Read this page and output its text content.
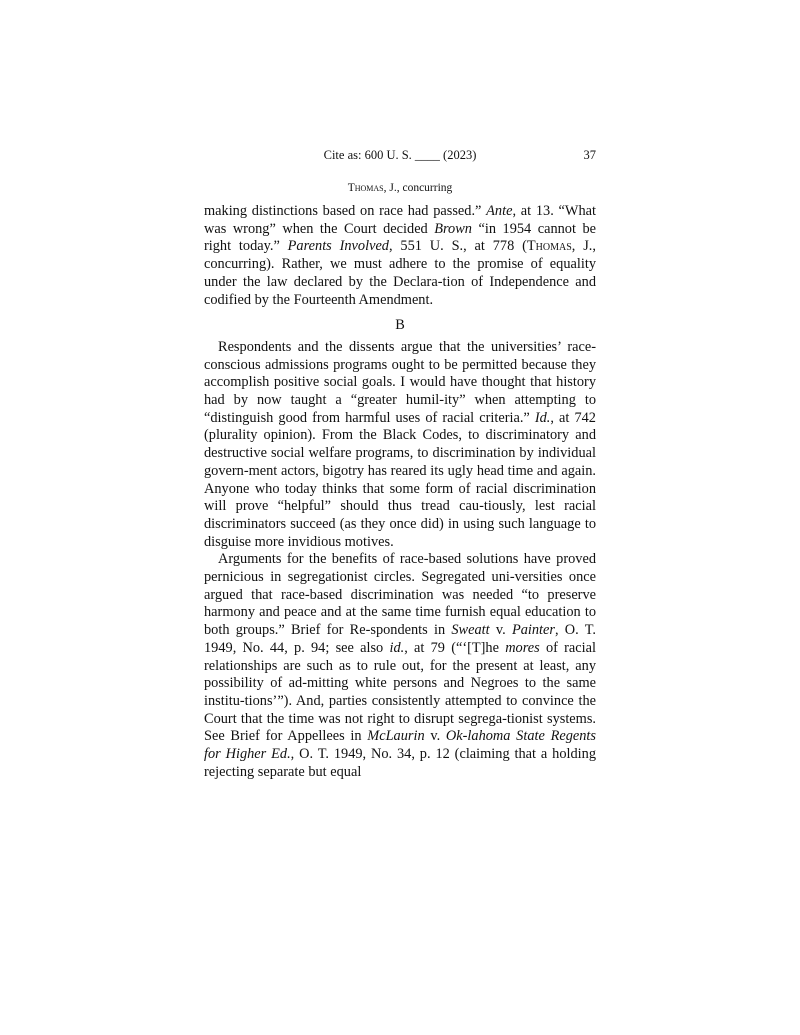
Cite as: 600 U. S. ____ (2023)	37
Thomas, J., concurring

making distinctions based on race had passed.” Ante, at 13. “What was wrong” when the Court decided Brown “in 1954 cannot be right today.” Parents Involved, 551 U. S., at 778 (Thomas, J., concurring). Rather, we must adhere to the promise of equality under the law declared by the Declara-tion of Independence and codified by the Fourteenth Amendment.

B

Respondents and the dissents argue that the universities’ race-conscious admissions programs ought to be permitted because they accomplish positive social goals. I would have thought that history had by now taught a “greater humil-ity” when attempting to “distinguish good from harmful uses of racial criteria.” Id., at 742 (plurality opinion). From the Black Codes, to discriminatory and destructive social welfare programs, to discrimination by individual govern-ment actors, bigotry has reared its ugly head time and again. Anyone who today thinks that some form of racial discrimination will prove “helpful” should thus tread cau-tiously, lest racial discriminators succeed (as they once did) in using such language to disguise more invidious motives.

Arguments for the benefits of race-based solutions have proved pernicious in segregationist circles. Segregated uni-versities once argued that race-based discrimination was needed “to preserve harmony and peace and at the same time furnish equal education to both groups.” Brief for Re-spondents in Sweatt v. Painter, O. T. 1949, No. 44, p. 94; see also id., at 79 (“‘[T]he mores of racial relationships are such as to rule out, for the present at least, any possibility of ad-mitting white persons and Negroes to the same institu-tions’”). And, parties consistently attempted to convince the Court that the time was not right to disrupt segrega-tionist systems. See Brief for Appellees in McLaurin v. Ok-lahoma State Regents for Higher Ed., O. T. 1949, No. 34, p. 12 (claiming that a holding rejecting separate but equal
